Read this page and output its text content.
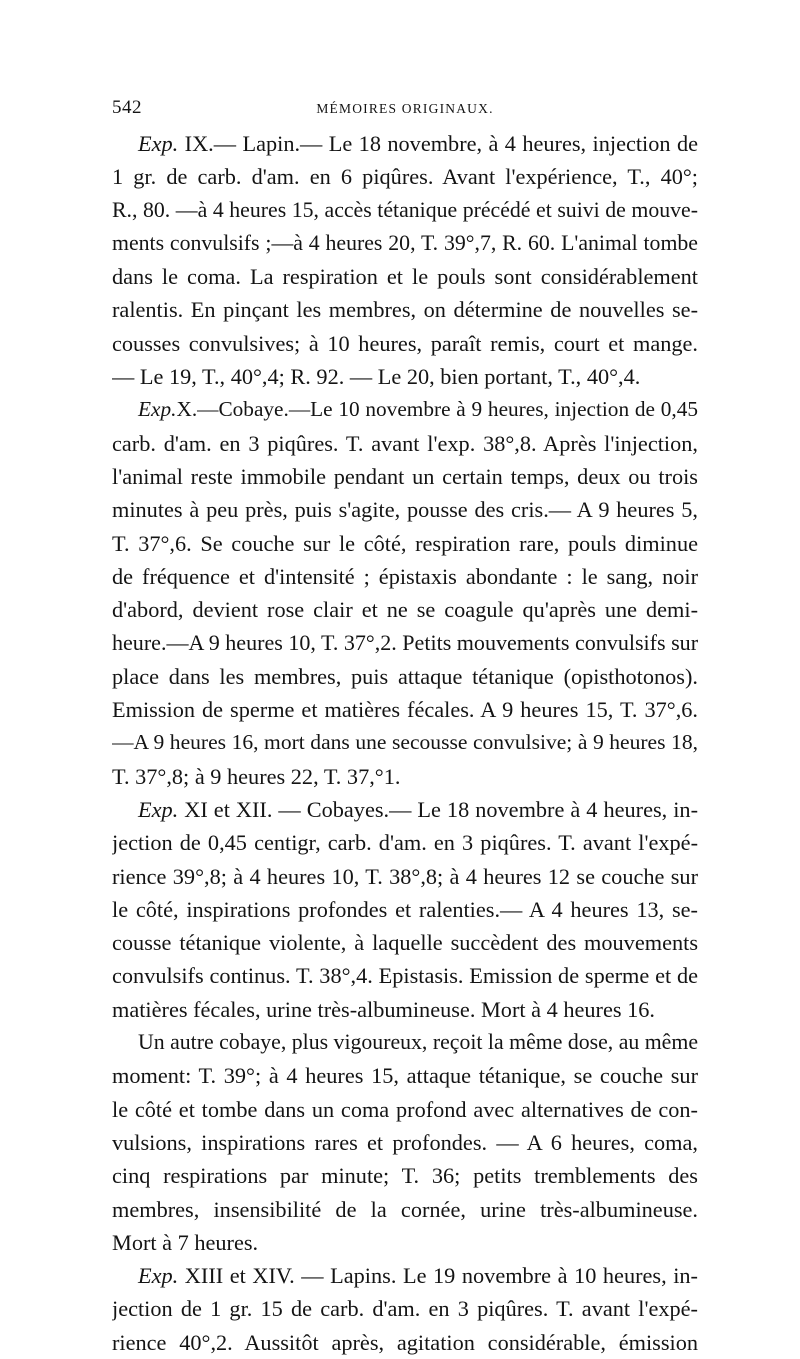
542	MÉMOIRES ORIGINAUX.
Exp. IX.— Lapin.— Le 18 novembre, à 4 heures, injection de
1 gr. de carb. d'am. en 6 piqûres. Avant l'expérience, T., 40°;
R., 80. —à 4 heures 15, accès tétanique précédé et suivi de mouve-
ments convulsifs ;—à 4 heures 20, T. 39°,7, R. 60. L'animal tombe
dans le coma. La respiration et le pouls sont considérablement
ralentis. En pinçant les membres, on détermine de nouvelles se-
cousses convulsives; à 10 heures, paraît remis, court et mange.
— Le 19, T., 40°,4; R. 92. — Le 20, bien portant, T., 40°,4.
Exp.X.—Cobaye.—Le 10 novembre à 9 heures, injection de 0,45
carb. d'am. en 3 piqûres. T. avant l'exp. 38°,8. Après l'injection,
l'animal reste immobile pendant un certain temps, deux ou trois
minutes à peu près, puis s'agite, pousse des cris.— A 9 heures 5,
T. 37°,6. Se couche sur le côté, respiration rare, pouls diminue
de fréquence et d'intensité ; épistaxis abondante : le sang, noir
d'abord, devient rose clair et ne se coagule qu'après une demi-
heure.—A 9 heures 10, T. 37°,2. Petits mouvements convulsifs sur
place dans les membres, puis attaque tétanique (opisthotonos).
Emission de sperme et matières fécales. A 9 heures 15, T. 37°,6.
—A 9 heures 16, mort dans une secousse convulsive; à 9 heures 18,
T. 37°,8; à 9 heures 22, T. 37,°1.
Exp. XI et XII. — Cobayes.— Le 18 novembre à 4 heures, in-
jection de 0,45 centigr, carb. d'am. en 3 piqûres. T. avant l'expé-
rience 39°,8; à 4 heures 10, T. 38°,8; à 4 heures 12 se couche sur
le côté, inspirations profondes et ralenties.— A 4 heures 13, se-
cousse tétanique violente, à laquelle succèdent des mouvements
convulsifs continus. T. 38°,4. Epistasis. Emission de sperme et de
matières fécales, urine très-albumineuse. Mort à 4 heures 16.
Un autre cobaye, plus vigoureux, reçoit la même dose, au même
moment: T. 39°; à 4 heures 15, attaque tétanique, se couche sur
le côté et tombe dans un coma profond avec alternatives de con-
vulsions, inspirations rares et profondes. — A 6 heures, coma,
cinq respirations par minute; T. 36; petits tremblements des
membres, insensibilité de la cornée, urine très-albumineuse.
Mort à 7 heures.
Exp. XIII et XIV. — Lapins. Le 19 novembre à 10 heures, in-
jection de 1 gr. 15 de carb. d'am. en 3 piqûres. T. avant l'expé-
rience 40°,2. Aussitôt après, agitation considérable, émission
